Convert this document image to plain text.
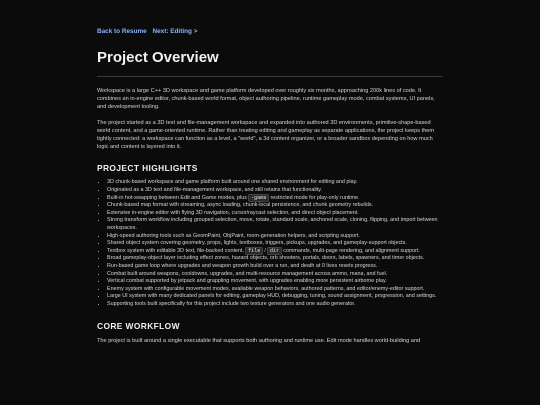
Back to Resume Next: Editing >
Project Overview

Workspace is a large C++ 3D workspace and game platform developed over roughly six months, approaching 200k lines of code. It combines an in-engine editor, chunk-based world format, object authoring pipeline, runtime gameplay mode, combat systems, UI panels, and development tooling.

The project started as a 3D text and file-management workspace and expanded into authored 3D environments, primitive-shape-based world content, and a game-oriented runtime. Rather than treating editing and gameplay as separate applications, the project keeps them tightly connected: a workspace can function as a level, a "world", a 3d content organizer, or a broader sandbox depending on how much logic and content is layered into it.

PROJECT HIGHLIGHTS
• 3D chunk-based workspace and game platform built around one shared environment for editing and play.
• Originated as a 3D text and file-management workspace, and still retains that functionality.
• Built-in hot-swapping between Edit and Game modes, plus -game restricted mode for play-only runtime.
• Chunk-based map format with streaming, async loading, chunk-local persistence, and chunk geometry rebuilds.
• Extensive in-engine editor with flying 3D navigation, cursor/raycast selection, and direct object placement.
• Strong transform workflow including grouped selection, move, rotate, standard scale, anchored scale, cloning, flipping, and import between workspaces.
• High-speed authoring tools such as GeomPaint, ObjPaint, room-generation helpers, and scripting support.
• Shared object system covering geometry, props, lights, textboxes, triggers, pickups, upgrades, and gameplay-support objects.
• Textbox system with editable 3D text, file-backed content, file / dir commands, multi-page rendering, and alignment support.
• Broad gameplay-object layer including effect zones, hazard objects, orb shooters, portals, doors, labels, spawners, and timer objects.
• Run-based game loop where upgrades and weapon growth build over a run, and death at 0 lives resets progress.
• Combat built around weapons, cooldowns, upgrades, and multi-resource management across ammo, mana, and fuel.
• Vertical combat supported by jetpack and grappling movement, with upgrades enabling more persistent airborne play.
• Enemy system with configurable movement modes, available weapon behaviors, authored patterns, and editor/enemy-editor support.
• Large UI system with many dedicated panels for editing, gameplay HUD, debugging, tuning, sound assignment, progression, and settings.
• Supporting tools built specifically for this project include two texture generators and one audio generator.
CORE WORKFLOW

The project is built around a single executable that supports both authoring and runtime use. Edit mode handles world-building and
